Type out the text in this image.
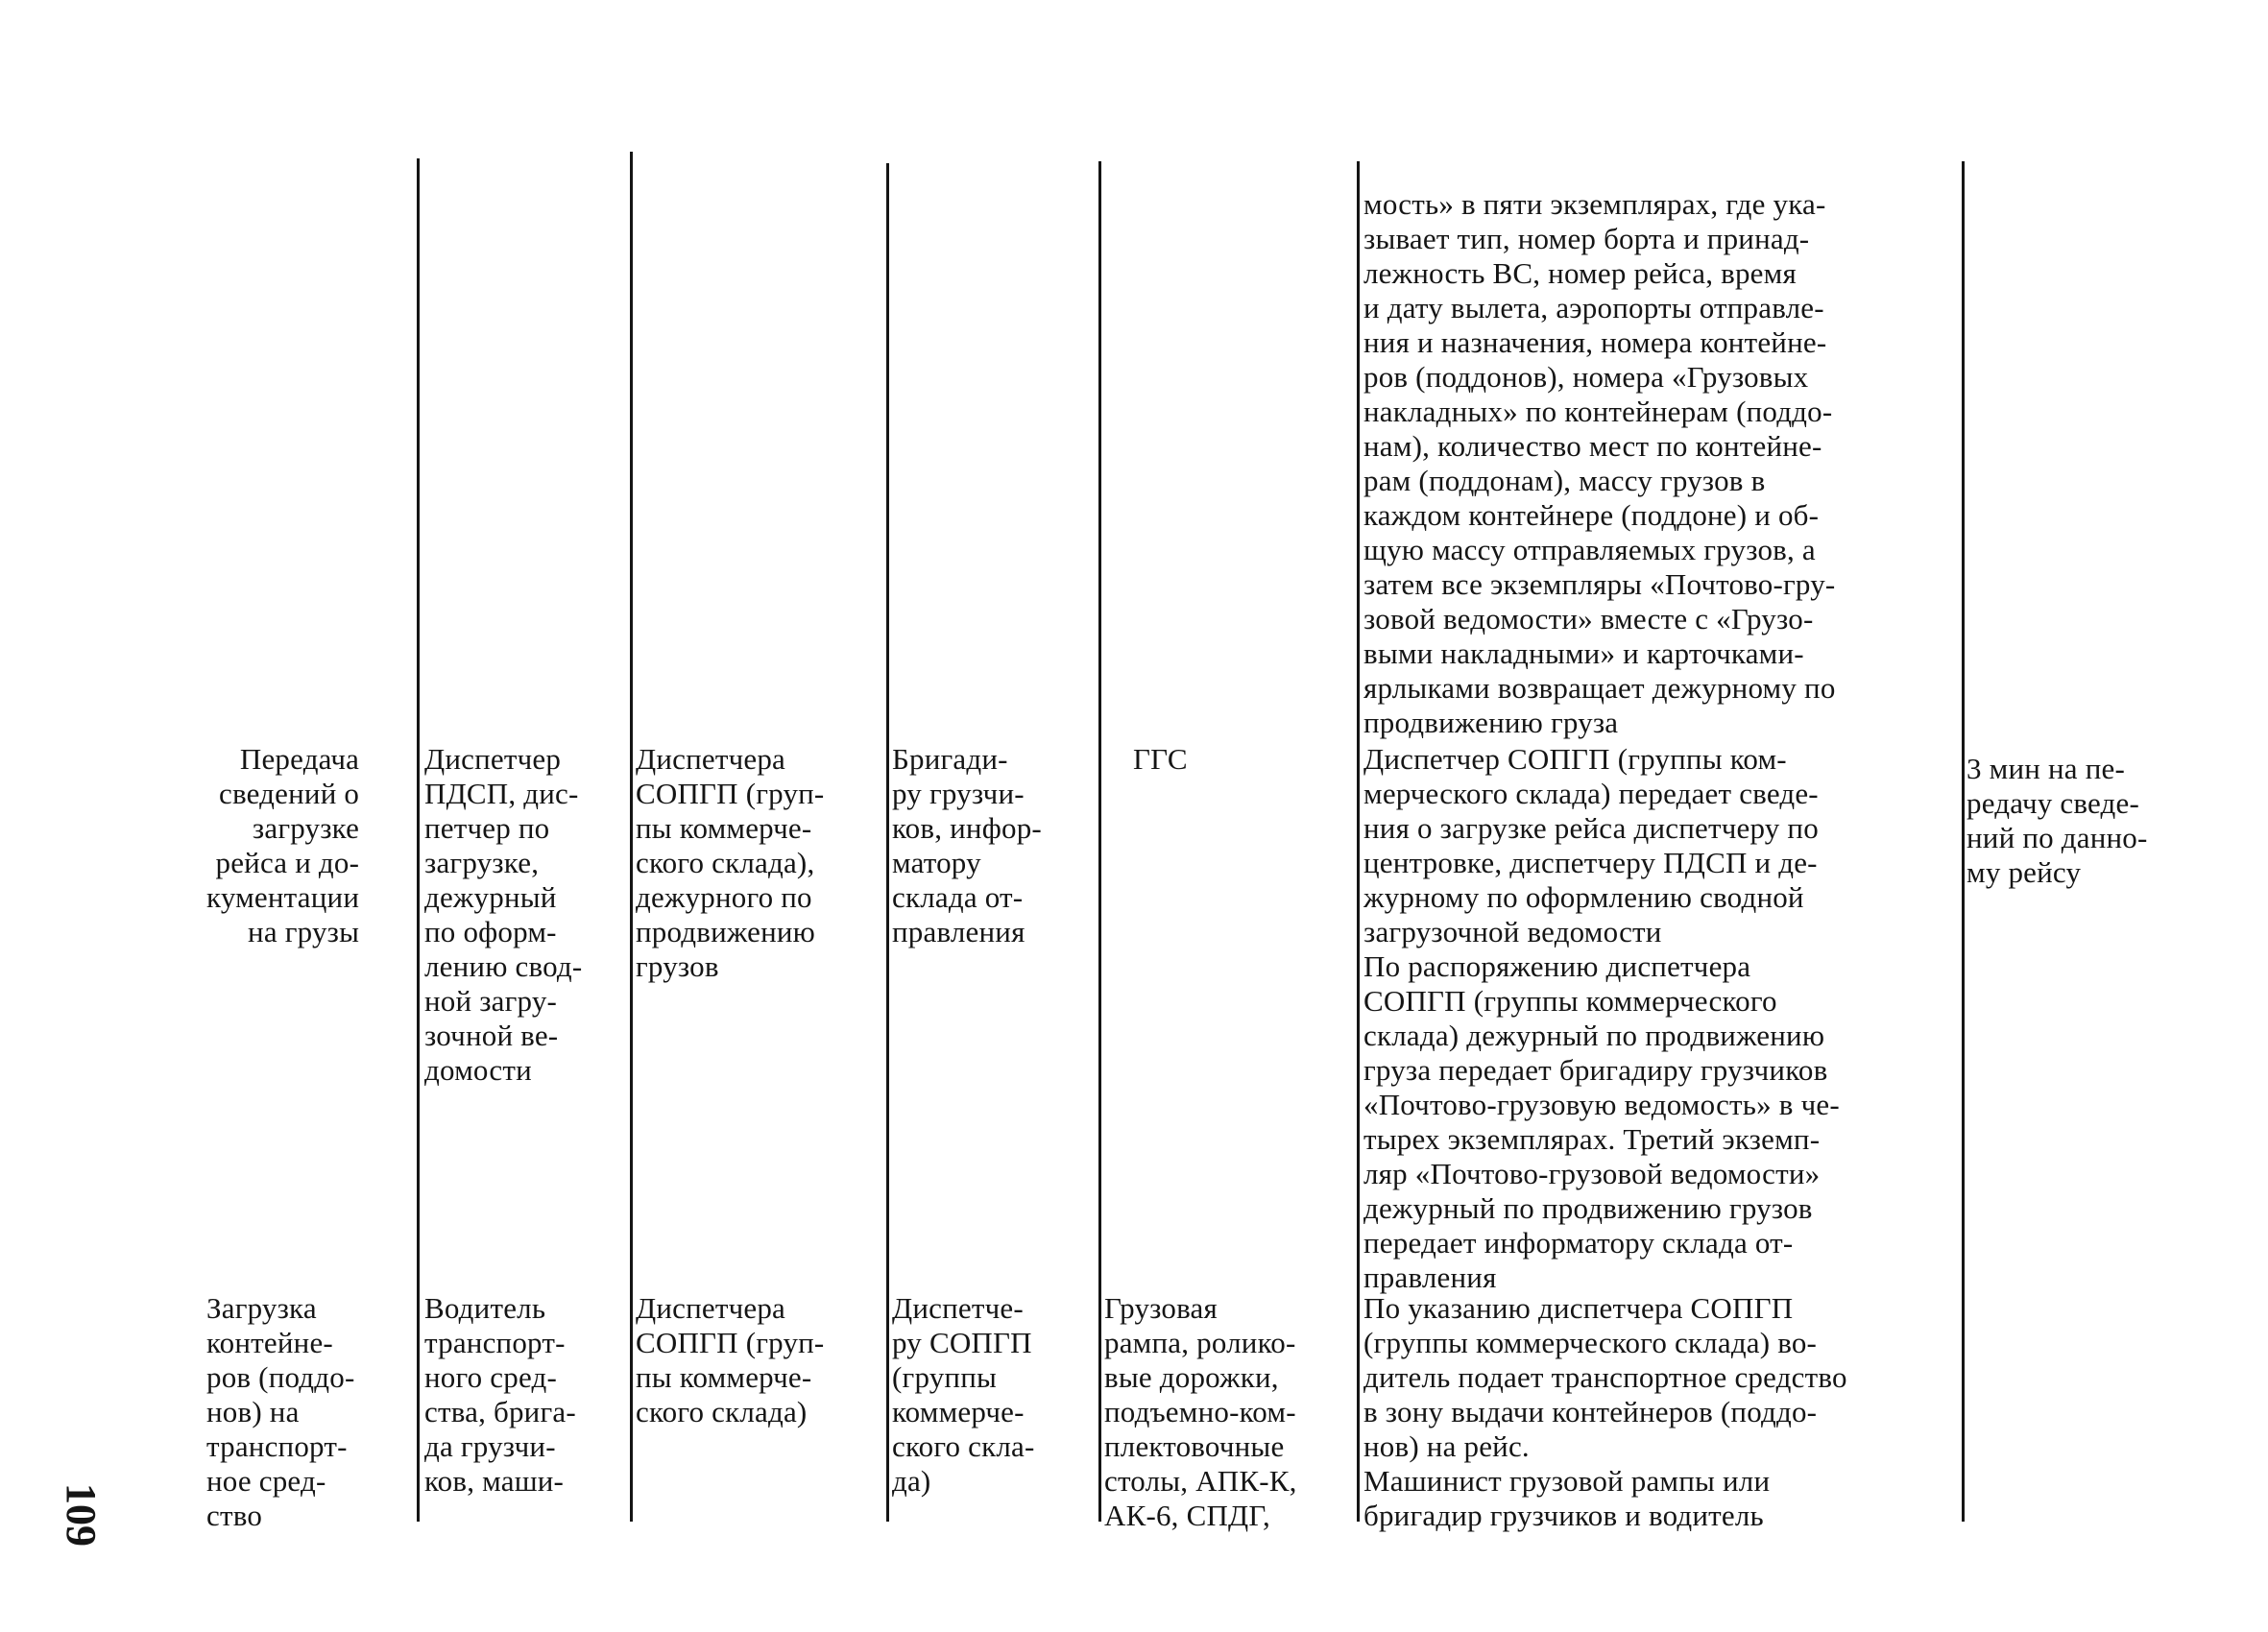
мость» в пяти экземплярах, где ука-
зывает тип, номер борта и принад-
лежность ВС, номер рейса, время
и дату вылета, аэропорты отправле-
ния и назначения, номера контейне-
ров (поддонов), номера «Грузовых
накладных» по контейнерам (поддо-
нам), количество мест по контейне-
рам (поддонам), массу грузов в
каждом контейнере (поддоне) и об-
щую массу отправляемых грузов, а
затем все экземпляры «Почтово-гру-
зовой ведомости» вместе с «Грузо-
выми накладными» и карточками-
ярлыками возвращает дежурному по
продвижению груза
Передача
сведений о
загрузке
рейса и до-
кументации
на грузы
Диспетчер
ПДСП, дис-
петчер по
загрузке,
дежурный
по оформ-
лению свод-
ной загру-
зочной ве-
домости
Диспетчера
СОПГП (груп-
пы коммерче-
ского склада),
дежурного по
продвижению
грузов
Бригади-
ру грузчи-
ков, инфор-
матору
склада от-
правления
ГГС	Диспетчер СОПГП (группы ком-
мерческого склада) передает сведе-
ния о загрузке рейса диспетчеру по
центровке, диспетчеру ПДСП и де-
журному по оформлению сводной
загрузочной ведомости
По распоряжению диспетчера
СОПГП (группы коммерческого
склада) дежурный по продвижению
груза передает бригадиру грузчиков
«Почтово-грузовую ведомость» в че-
тырех экземплярах. Третий экземп-
ляр «Почтово-грузовой ведомости»
дежурный по продвижению грузов
передает информатору склада от-
правления
3 мин на пе-
редачу сведе-
ний по данно-
му рейсу
Загрузка
контейне-
ров (поддо-
нов) на
транспорт-
ное сред-
ство
Водитель
транспорт-
ного сред-
ства, брига-
да грузчи-
ков, маши-
Диспетчера
СОПГП (груп-
пы коммерче-
ского склада)
Диспетче-
ру СОПГП
(группы
коммерче-
ского скла-
да)
Грузовая
рампа, ролико-
вые дорожки,
подъемно-ком-
плектовочные
столы, АПК-К,
АК-6, СПДГ,
По указанию диспетчера СОПГП
(группы коммерческого склада) во-
дитель подает транспортное средство
в зону выдачи контейнеров (поддо-
нов) на рейс.
Машинист грузовой рампы или
бригадир грузчиков и водитель
109
